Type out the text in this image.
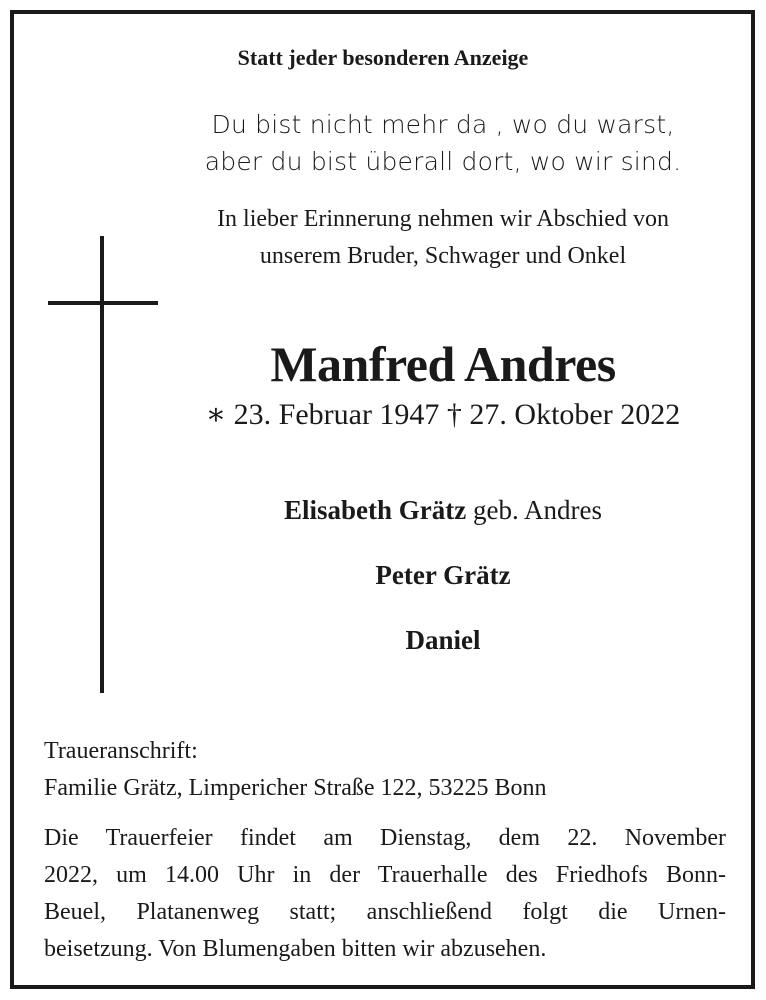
Statt jeder besonderen Anzeige
Du bist nicht mehr da , wo du warst,
aber du bist überall dort, wo wir sind.
In lieber Erinnerung nehmen wir Abschied von
unserem Bruder, Schwager und Onkel
Manfred Andres
∗ 23. Februar 1947 † 27. Oktober 2022
Elisabeth Grätz geb. Andres
Peter Grätz
Daniel
Traueranschrift:
Familie Grätz, Limpericher Straße 122, 53225 Bonn
Die Trauerfeier findet am Dienstag, dem 22. November
2022, um 14.00 Uhr in der Trauerhalle des Friedhofs Bonn-
Beuel, Platanenweg statt; anschließend folgt die Urnen-
beisetzung. Von Blumengaben bitten wir abzusehen.
